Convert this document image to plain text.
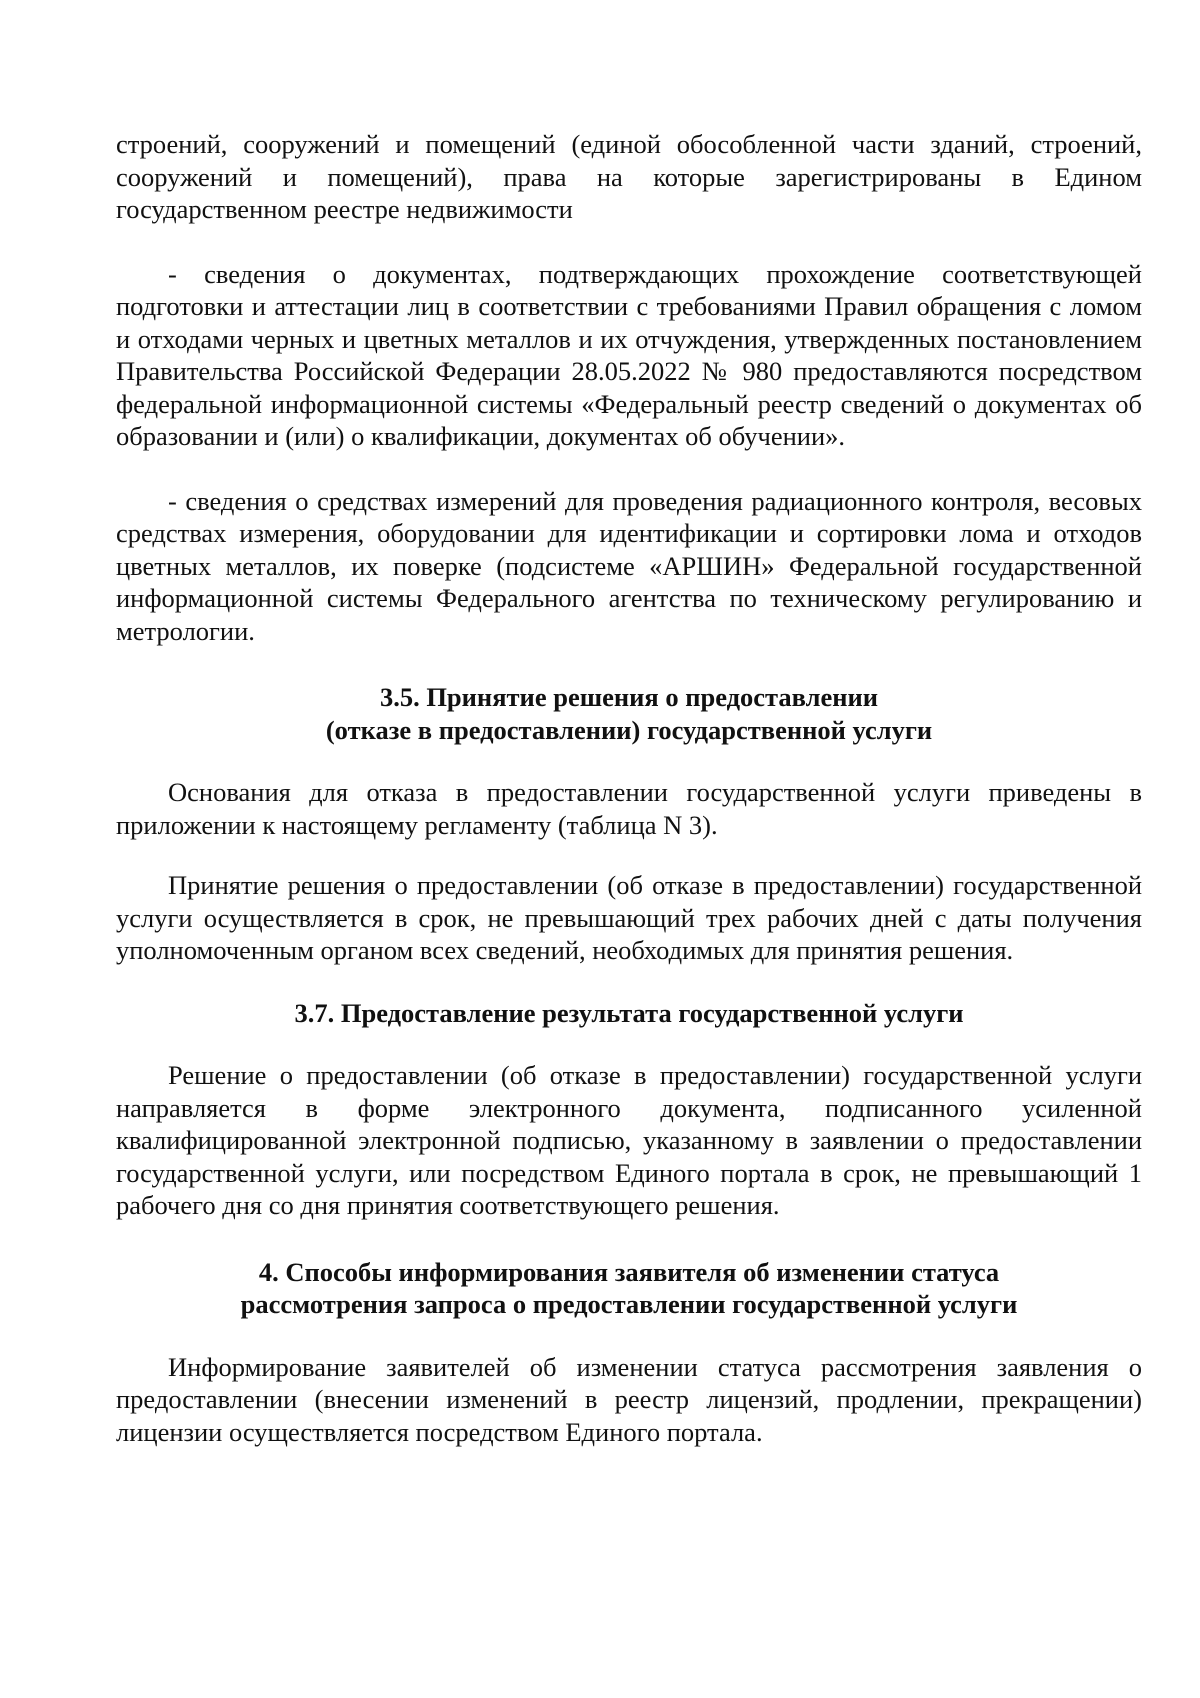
строений, сооружений и помещений (единой обособленной части зданий, строений, сооружений и помещений), права на которые зарегистрированы в Едином государственном реестре недвижимости

- сведения о документах, подтверждающих прохождение соответствующей подготовки и аттестации лиц в соответствии с требованиями Правил обращения с ломом и отходами черных и цветных металлов и их отчуждения, утвержденных постановлением Правительства Российской Федерации 28.05.2022 № 980 предоставляются посредством федеральной информационной системы «Федеральный реестр сведений о документах об образовании и (или) о квалификации, документах об обучении».

- сведения о средствах измерений для проведения радиационного контроля, весовых средствах измерения, оборудовании для идентификации и сортировки лома и отходов цветных металлов, их поверке (подсистеме «АРШИН» Федеральной государственной информационной системы Федерального агентства по техническому регулированию и метрологии.

3.5. Принятие решения о предоставлении
(отказе в предоставлении) государственной услуги

Основания для отказа в предоставлении государственной услуги приведены в приложении к настоящему регламенту (таблица N 3).

Принятие решения о предоставлении (об отказе в предоставлении) государственной услуги осуществляется в срок, не превышающий трех рабочих дней с даты получения уполномоченным органом всех сведений, необходимых для принятия решения.

3.7. Предоставление результата государственной услуги

Решение о предоставлении (об отказе в предоставлении) государственной услуги направляется в форме электронного документа, подписанного усиленной квалифицированной электронной подписью, указанному в заявлении о предоставлении государственной услуги, или посредством Единого портала в срок, не превышающий 1 рабочего дня со дня принятия соответствующего решения.

4. Способы информирования заявителя об изменении статуса
рассмотрения запроса о предоставлении государственной услуги

Информирование заявителей об изменении статуса рассмотрения заявления о предоставлении (внесении изменений в реестр лицензий, продлении, прекращении) лицензии осуществляется посредством Единого портала.
